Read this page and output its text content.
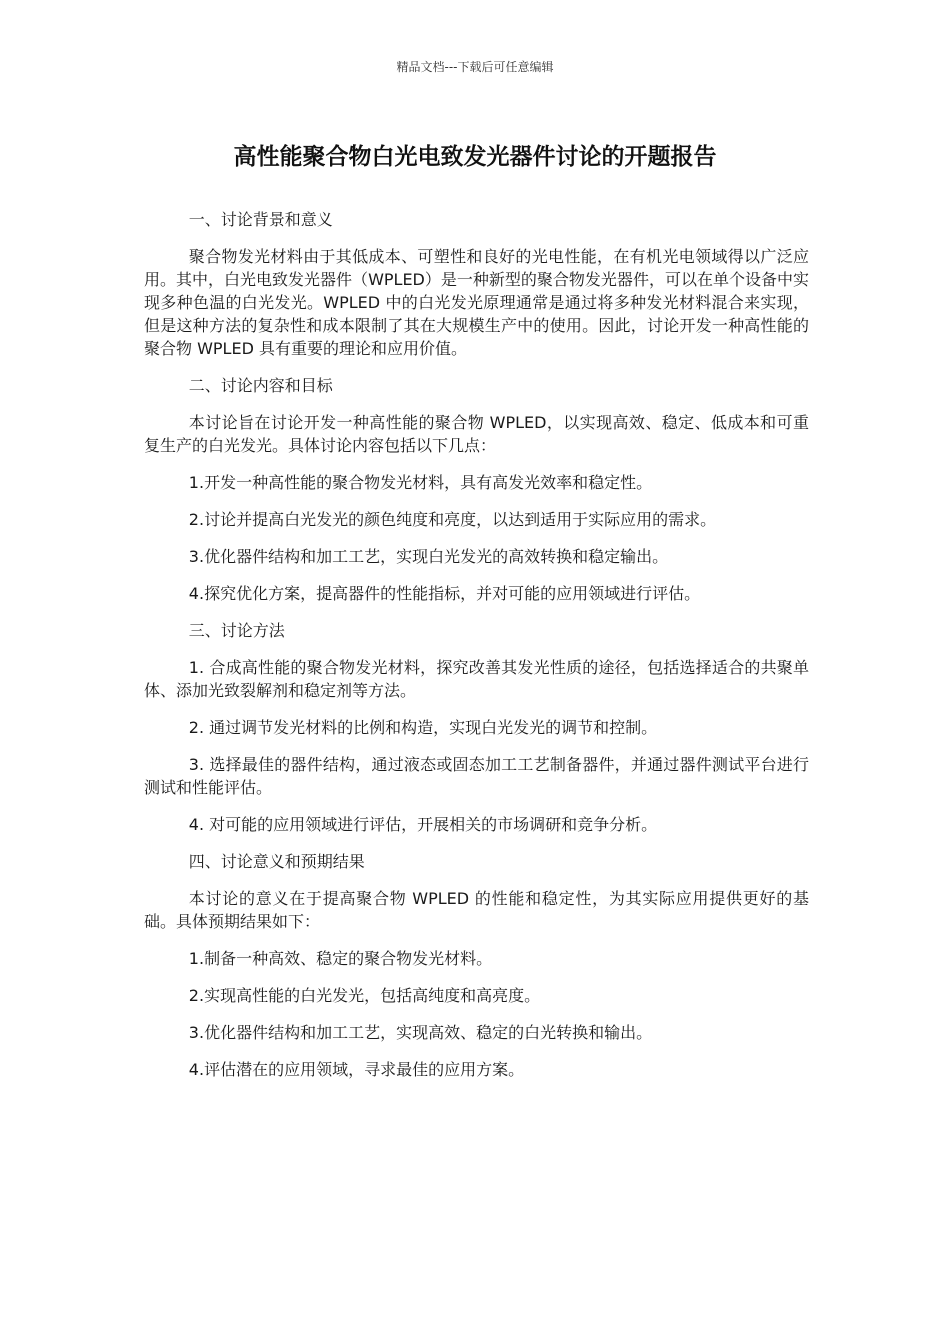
精品文档---下载后可任意编辑
高性能聚合物白光电致发光器件讨论的开题报告

一、讨论背景和意义

聚合物发光材料由于其低成本、可塑性和良好的光电性能，在有机光电领域得以广泛应用。其中，白光电致发光器件（WPLED）是一种新型的聚合物发光器件，可以在单个设备中实现多种色温的白光发光。WPLED 中的白光发光原理通常是通过将多种发光材料混合来实现，但是这种方法的复杂性和成本限制了其在大规模生产中的使用。因此，讨论开发一种高性能的聚合物 WPLED 具有重要的理论和应用价值。

二、讨论内容和目标

本讨论旨在讨论开发一种高性能的聚合物 WPLED，以实现高效、稳定、低成本和可重复生产的白光发光。具体讨论内容包括以下几点：

1.开发一种高性能的聚合物发光材料，具有高发光效率和稳定性。

2.讨论并提高白光发光的颜色纯度和亮度，以达到适用于实际应用的需求。

3.优化器件结构和加工工艺，实现白光发光的高效转换和稳定输出。

4.探究优化方案，提高器件的性能指标，并对可能的应用领域进行评估。

三、讨论方法

1. 合成高性能的聚合物发光材料，探究改善其发光性质的途径，包括选择适合的共聚单体、添加光致裂解剂和稳定剂等方法。

2. 通过调节发光材料的比例和构造，实现白光发光的调节和控制。

3. 选择最佳的器件结构，通过液态或固态加工工艺制备器件，并通过器件测试平台进行测试和性能评估。

4. 对可能的应用领域进行评估，开展相关的市场调研和竞争分析。

四、讨论意义和预期结果

本讨论的意义在于提高聚合物 WPLED 的性能和稳定性，为其实际应用提供更好的基础。具体预期结果如下：

1.制备一种高效、稳定的聚合物发光材料。

2.实现高性能的白光发光，包括高纯度和高亮度。

3.优化器件结构和加工工艺，实现高效、稳定的白光转换和输出。

4.评估潜在的应用领域，寻求最佳的应用方案。
